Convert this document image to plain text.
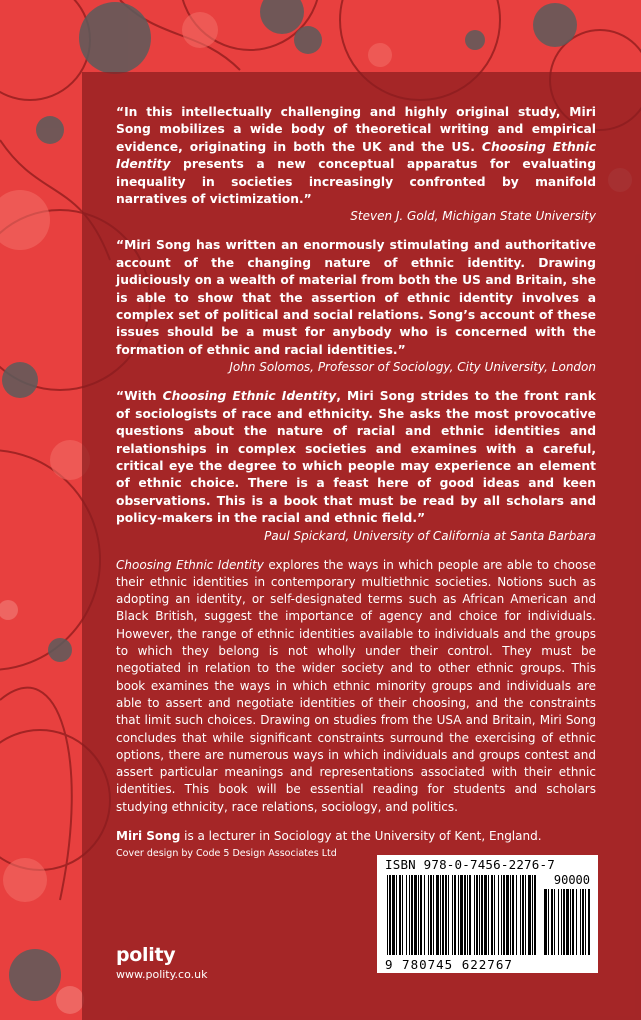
“In this intellectually challenging and highly original study, Miri Song mobilizes a wide body of theoretical writing and empirical evidence, originating in both the UK and the US. Choosing Ethnic Identity presents a new conceptual apparatus for evaluating inequality in societies increasingly confronted by manifold narratives of victimization.”
Steven J. Gold, Michigan State University
“Miri Song has written an enormously stimulating and authoritative account of the changing nature of ethnic identity. Drawing judiciously on a wealth of material from both the US and Britain, she is able to show that the assertion of ethnic identity involves a complex set of political and social relations. Song’s account of these issues should be a must for anybody who is concerned with the formation of ethnic and racial identities.”
John Solomos, Professor of Sociology, City University, London
“With Choosing Ethnic Identity, Miri Song strides to the front rank of sociologists of race and ethnicity. She asks the most provocative questions about the nature of racial and ethnic identities and relationships in complex societies and examines with a careful, critical eye the degree to which people may experience an element of ethnic choice. There is a feast here of good ideas and keen observations. This is a book that must be read by all scholars and policy-makers in the racial and ethnic field.”
Paul Spickard, University of California at Santa Barbara
Choosing Ethnic Identity explores the ways in which people are able to choose their ethnic identities in contemporary multiethnic societies. Notions such as adopting an identity, or self-designated terms such as African American and Black British, suggest the importance of agency and choice for individuals. However, the range of ethnic identities available to individuals and the groups to which they belong is not wholly under their control. They must be negotiated in relation to the wider society and to other ethnic groups. This book examines the ways in which ethnic minority groups and individuals are able to assert and negotiate identities of their choosing, and the constraints that limit such choices. Drawing on studies from the USA and Britain, Miri Song concludes that while significant constraints surround the exercising of ethnic options, there are numerous ways in which individuals and groups contest and assert particular meanings and representations associated with their ethnic identities. This book will be essential reading for students and scholars studying ethnicity, race relations, sociology, and politics.
Miri Song is a lecturer in Sociology at the University of Kent, England.
Cover design by Code 5 Design Associates Ltd
polity
www.polity.co.uk
ISBN 978-0-7456-2276-7
90000
9 780745 622767
